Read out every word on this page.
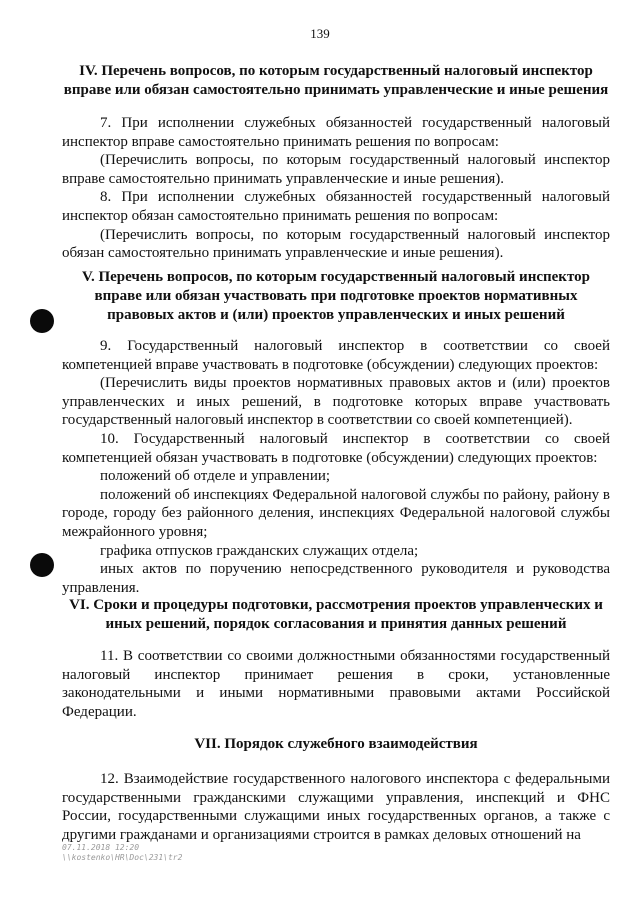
139
IV. Перечень вопросов, по которым государственный налоговый инспектор вправе или обязан самостоятельно принимать управленческие и иные решения

7. При исполнении служебных обязанностей государственный налоговый инспектор вправе самостоятельно принимать решения по вопросам:

(Перечислить вопросы, по которым государственный налоговый инспектор вправе самостоятельно принимать управленческие и иные решения).

8. При исполнении служебных обязанностей государственный налоговый инспектор обязан самостоятельно принимать решения по вопросам:

(Перечислить вопросы, по которым государственный налоговый инспектор обязан самостоятельно принимать управленческие и иные решения).

V. Перечень вопросов, по которым государственный налоговый инспектор вправе или обязан участвовать при подготовке проектов нормативных правовых актов и (или) проектов управленческих и иных решений

9. Государственный налоговый инспектор в соответствии со своей компетенцией вправе участвовать в подготовке (обсуждении) следующих проектов:

(Перечислить виды проектов нормативных правовых актов и (или) проектов управленческих и иных решений, в подготовке которых вправе участвовать государственный налоговый инспектор в соответствии со своей компетенцией).

10. Государственный налоговый инспектор в соответствии со своей компетенцией обязан участвовать в подготовке (обсуждении) следующих проектов:

положений об отделе и управлении;

положений об инспекциях Федеральной налоговой службы по району, району в городе, городу без районного деления, инспекциях Федеральной налоговой службы межрайонного уровня;

графика отпусков гражданских служащих отдела;

иных актов по поручению непосредственного руководителя и руководства управления.

VI. Сроки и процедуры подготовки, рассмотрения проектов управленческих и иных решений, порядок согласования и принятия данных решений

11. В соответствии со своими должностными обязанностями государственный налоговый инспектор принимает решения в сроки, установленные законодательными и иными нормативными правовыми актами Российской Федерации.

VII. Порядок служебного взаимодействия

12. Взаимодействие государственного налогового инспектора с федеральными государственными гражданскими служащими управления, инспекций и ФНС России, государственными служащими иных государственных органов, а также с другими гражданами и организациями строится в рамках деловых отношений на

07.11.2018 12:20
\\kostenko\HR\Doc\231\tr2
